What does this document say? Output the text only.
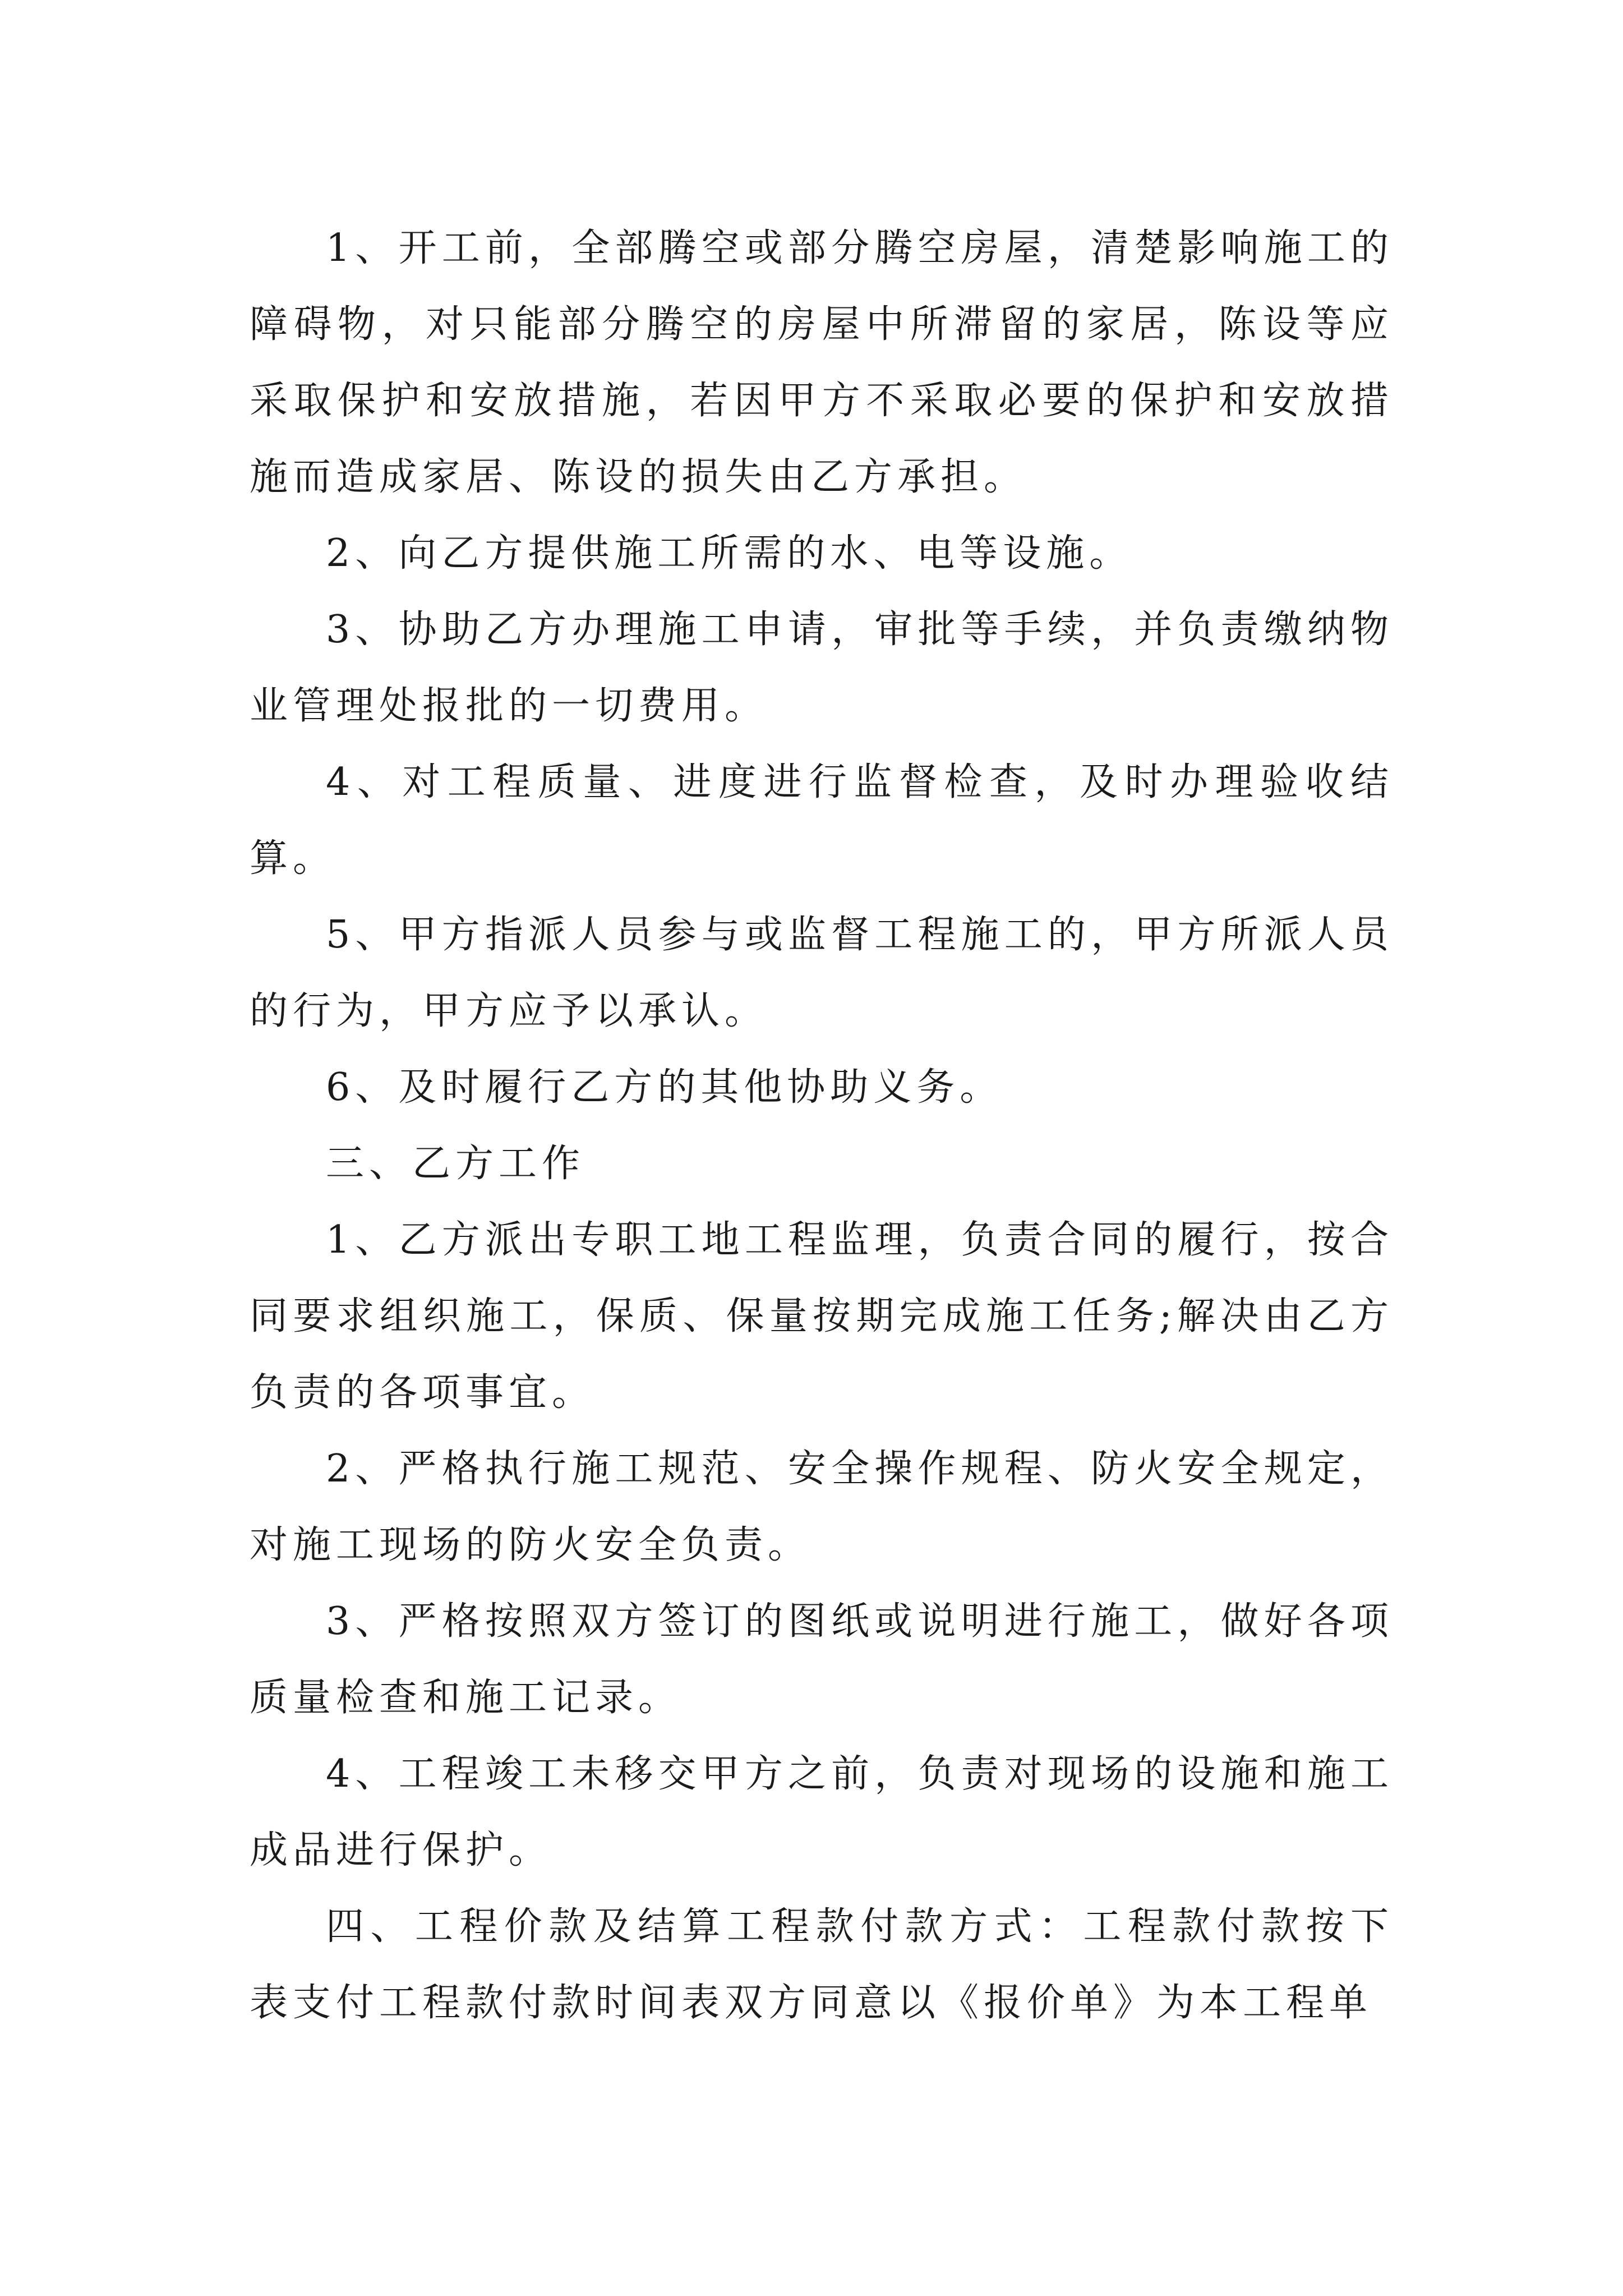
1、开工前，全部腾空或部分腾空房屋，清楚影响施工的障碍物，对只能部分腾空的房屋中所滞留的家居，陈设等应采取保护和安放措施，若因甲方不采取必要的保护和安放措施而造成家居、陈设的损失由乙方承担。

2、向乙方提供施工所需的水、电等设施。

3、协助乙方办理施工申请，审批等手续，并负责缴纳物业管理处报批的一切费用。

4、对工程质量、进度进行监督检查，及时办理验收结算。

5、甲方指派人员参与或监督工程施工的，甲方所派人员的行为，甲方应予以承认。

6、及时履行乙方的其他协助义务。

三、乙方工作

1、乙方派出专职工地工程监理，负责合同的履行，按合同要求组织施工，保质、保量按期完成施工任务;解决由乙方负责的各项事宜。

2、严格执行施工规范、安全操作规程、防火安全规定，对施工现场的防火安全负责。

3、严格按照双方签订的图纸或说明进行施工，做好各项质量检查和施工记录。

4、工程竣工未移交甲方之前，负责对现场的设施和施工成品进行保护。

四、工程价款及结算工程款付款方式：工程款付款按下表支付工程款付款时间表双方同意以《报价单》为本工程单
